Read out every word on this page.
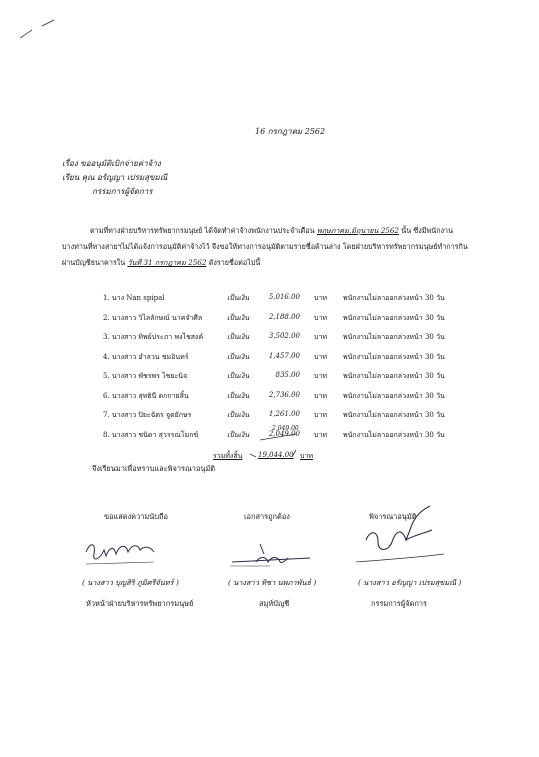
16 กรกฎาคม 2562
เรื่อง ขออนุมัติเบิกจ่ายค่าจ้าง
เรียน คุณ อรัญญา เปรมสุขมณี
กรรมการผู้จัดการ
ตามที่ทางฝ่ายบริหารทรัพยากรมนุษย์ ได้จัดทำค่าจ้างพนักงานประจำเดือน พฤษภาคม,มิถุนายน 2562 นั้น ซึ่งมีพนักงาน
บางท่านที่ทางสายฯไม่ได้แจ้งการอนุมัติค่าจ้างไว้ จึงขอให้ทางการอนุมัติตามรายชื่อด้านล่าง โดยฝ่ายบริหารทรัพยากรมนุษย์ทำการกิน
ผ่านบัญชีธนาคารใน วันที่ 31 กรกฎาคม 2562 ดังรายชื่อต่อไปนี้
1. นาง Nan spipal	เป็นเงิน	5,016.00 บาท พนักงานไม่ลาออกล่วงหน้า 30 วัน
2. นางสาว วิไลลักษณ์ นาคจำศีล	เป็นเงิน	2,188.00 บาท พนักงานไม่ลาออกล่วงหน้า 30 วัน
3. นางสาว ทิพย์ประภา พงไชสงค์	เป็นเงิน	3,502.00 บาท พนักงานไม่ลาออกล่วงหน้า 30 วัน
4. นางสาว อำลวน ชมอินทร์	เป็นเงิน	1,457.00 บาท พนักงานไม่ลาออกล่วงหน้า 30 วัน
5. นางสาว พัชรพร ไชยะนิจ	เป็นเงิน	835.00 บาท พนักงานไม่ลาออกล่วงหน้า 30 วัน
6. นางสาว สุทธินี ดกกายสิ้น	เป็นเงิน	2,736.00 บาท พนักงานไม่ลาออกล่วงหน้า 30 วัน
7. นางสาว ปิยะฉัตร จูดยักษร	เป็นเงิน	1,261.00 บาท พนักงานไม่ลาออกล่วงหน้า 30 วัน
8. นางสาว ชนิดา สุวรรณโมกข์	เป็นเงิน	2,049.00 บาท พนักงานไม่ลาออกล่วงหน้า 30 วัน
2,049.00
รวมทั้งสิ้น 19,044.00 บาท
จึงเรียนมาเพื่อทราบและพิจารณาอนุมัติ
ขอแสดงความนับถือ	เอกสารถูกต้อง	พิจารณาอนุมัติ
( นางสาว บุญสิริ ภูมิศรีจันทร์ )	( นางสาว ทิชา นพภาพันธ์ )	( นางสาว อรัญญา เปรมสุขมณี )
หัวหน้าฝ่ายบริหารทรัพยากรมนุษย์	สมุห์บัญชี	กรรมการผู้จัดการ
